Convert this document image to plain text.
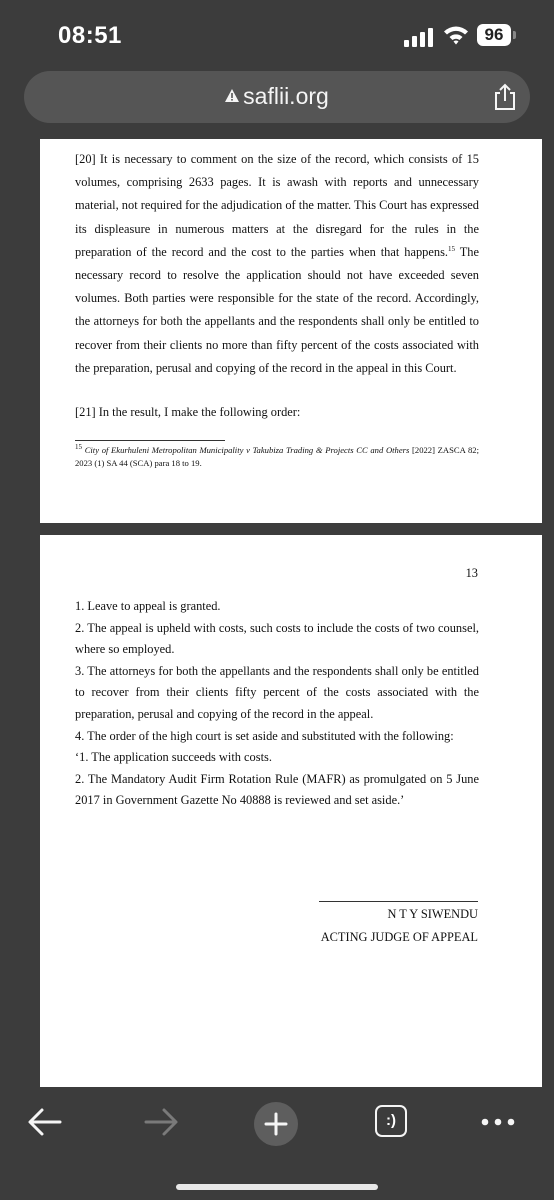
08:51	96
saflii.org

[20] It is necessary to comment on the size of the record, which consists of 15 volumes, comprising 2633 pages. It is awash with reports and unnecessary material, not required for the adjudication of the matter. This Court has expressed its displeasure in numerous matters at the disregard for the rules in the preparation of the record and the cost to the parties when that happens.$^{15}$ The necessary record to resolve the application should not have exceeded seven volumes. Both parties were responsible for the state of the record. Accordingly, the attorneys for both the appellants and the respondents shall only be entitled to recover from their clients no more than fifty percent of the costs associated with the preparation, perusal and copying of the record in the appeal in this Court.

[21] In the result, I make the following order:

$^{15}$ City of Ekurhuleni Metropolitan Municipality v Takubiza Trading & Projects CC and Others [2022] ZASCA 82; 2023 (1) SA 44 (SCA) para 18 to 19.

13
1. Leave to appeal is granted.
2. The appeal is upheld with costs, such costs to include the costs of two counsel, where so employed.
3. The attorneys for both the appellants and the respondents shall only be entitled to recover from their clients fifty percent of the costs associated with the preparation, perusal and copying of the record in the appeal.
4. The order of the high court is set aside and substituted with the following:
‘1. The application succeeds with costs.
2. The Mandatory Audit Firm Rotation Rule (MAFR) as promulgated on 5 June 2017 in Government Gazette No 40888 is reviewed and set aside.’
N T Y SIWENDU
ACTING JUDGE OF APPEAL
:)
